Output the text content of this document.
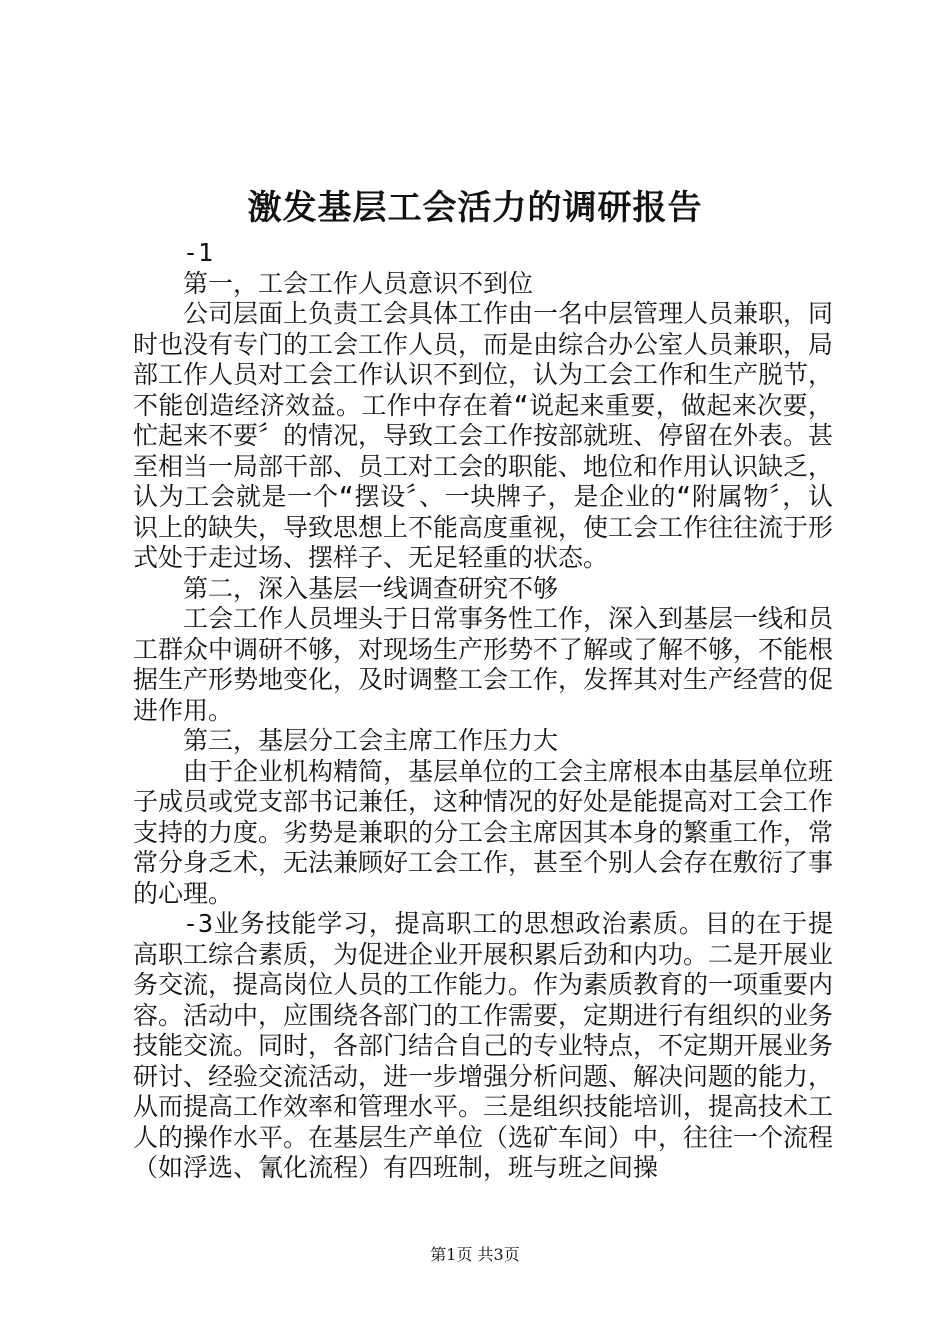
激发基层工会活力的调研报告

-1

第一，工会工作人员意识不到位

公司层面上负责工会具体工作由一名中层管理人员兼职，同时也没有专门的工会工作人员，而是由综合办公室人员兼职，局部工作人员对工会工作认识不到位，认为工会工作和生产脱节，不能创造经济效益。工作中存在着“说起来重要，做起来次要，忙起来不要〞的情况，导致工会工作按部就班、停留在外表。甚至相当一局部干部、员工对工会的职能、地位和作用认识缺乏，认为工会就是一个“摆设〞、一块牌子，是企业的“附属物〞，认识上的缺失，导致思想上不能高度重视，使工会工作往往流于形式处于走过场、摆样子、无足轻重的状态。

第二，深入基层一线调查研究不够

工会工作人员埋头于日常事务性工作，深入到基层一线和员工群众中调研不够，对现场生产形势不了解或了解不够，不能根据生产形势地变化，及时调整工会工作，发挥其对生产经营的促进作用。

第三，基层分工会主席工作压力大

由于企业机构精简，基层单位的工会主席根本由基层单位班子成员或党支部书记兼任，这种情况的好处是能提高对工会工作支持的力度。劣势是兼职的分工会主席因其本身的繁重工作，常常分身乏术，无法兼顾好工会工作，甚至个别人会存在敷衍了事的心理。

-3业务技能学习，提高职工的思想政治素质。目的在于提高职工综合素质，为促进企业开展积累后劲和内功。二是开展业务交流，提高岗位人员的工作能力。作为素质教育的一项重要内容。活动中，应围绕各部门的工作需要，定期进行有组织的业务技能交流。同时，各部门结合自己的专业特点，不定期开展业务研讨、经验交流活动，进一步增强分析问题、解决问题的能力，从而提高工作效率和管理水平。三是组织技能培训，提高技术工人的操作水平。在基层生产单位（选矿车间）中，往往一个流程（如浮选、氰化流程）有四班制，班与班之间操

第1页 共3页
